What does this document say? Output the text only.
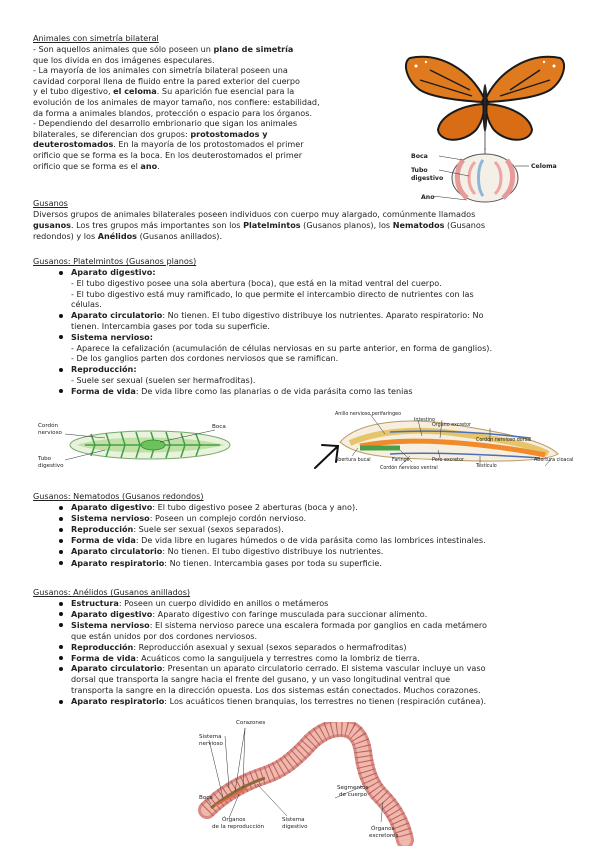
Animales con simetría bilateral
- Son aquellos animales que sólo poseen un plano de simetría
que los divida en dos imágenes especulares.
- La mayoría de los animales con simetría bilateral poseen una
cavidad corporal llena de fluido entre la pared exterior del cuerpo
y el tubo digestivo, el celoma. Su aparición fue esencial para la
evolución de los animales de mayor tamaño, nos confiere: estabilidad,
da forma a animales blandos, protección o espacio para los órganos.
- Dependiendo del desarrollo embrionario que sigan los animales
bilaterales, se diferencian dos grupos: protostomados y
deuterostomados. En la mayoría de los protostomados el primer
orificio que se forma es la boca. En los deuterostomados el primer
orificio que se forma es el ano.
Boca
Tubo
digestivo
Celoma
Ano
Gusanos
Diversos grupos de animales bilaterales poseen individuos con cuerpo muy alargado, comúnmente llamados
gusanos. Los tres grupos más importantes son los Platelmintos (Gusanos planos), los Nematodos (Gusanos
redondos) y los Anélidos (Gusanos anillados).
Gusanos: Platelmintos (Gusanos planos)
Aparato digestivo:
- El tubo digestivo posee una sola abertura (boca), que está en la mitad ventral del cuerpo.
- El tubo digestivo está muy ramificado, lo que permite el intercambio directo de nutrientes con las
células.
Aparato circulatorio: No tienen. El tubo digestivo distribuye los nutrientes. Aparato respiratorio: No
tienen. Intercambia gases por toda su superficie.
Sistema nervioso:
- Aparece la cefalización (acumulación de células nerviosas en su parte anterior, en forma de ganglios).
- De los ganglios parten dos cordones nerviosos que se ramifican.
Reproducción:
- Suele ser sexual (suelen ser hermafroditas).
Forma de vida: De vida libre como las planarias o de vida parásita como las tenias
Cordón
nervioso
Boca
Tubo
digestivo
Anillo nervioso perifaríngeo
Intestino
Órgano excretor
Cordón nervioso dorsal
Abertura bucal	Faringe	Poro excretor
Cordón nervioso ventral	Testículo
Abertura cloacal
Gusanos: Nematodos (Gusanos redondos)
Aparato digestivo: El tubo digestivo posee 2 aberturas (boca y ano).
Sistema nervioso: Poseen un complejo cordón nervioso.
Reproducción: Suele ser sexual (sexos separados).
Forma de vida: De vida libre en lugares húmedos o de vida parásita como las lombrices intestinales.
Aparato circulatorio: No tienen. El tubo digestivo distribuye los nutrientes.
Aparato respiratorio: No tienen. Intercambia gases por toda su superficie.
Gusanos: Anélidos (Gusanos anillados)
Estructura: Poseen un cuerpo dividido en anillos o metámeros
Aparato digestivo: Aparato digestivo con faringe musculada para succionar alimento.
Sistema nervioso: El sistema nervioso parece una escalera formada por ganglios en cada metámero
que están unidos por dos cordones nerviosos.
Reproducción: Reproducción asexual y sexual (sexos separados o hermafroditas)
Forma de vida: Acuáticos como la sanguijuela y terrestres como la lombriz de tierra.
Aparato circulatorio: Presentan un aparato circulatorio cerrado. El sistema vascular incluye un vaso
dorsal que transporta la sangre hacia el frente del gusano, y un vaso longitudinal ventral que
transporta la sangre en la dirección opuesta. Los dos sistemas están conectados. Muchos corazones.
Aparato respiratorio: Los acuáticos tienen branquias, los terrestres no tienen (respiración cutánea).
Corazones
Sistema
nervioso
Boca
Órganos
de la reproducción
Sistema
digestivo
Segmentos
de cuerpo
Órganos
excretores
